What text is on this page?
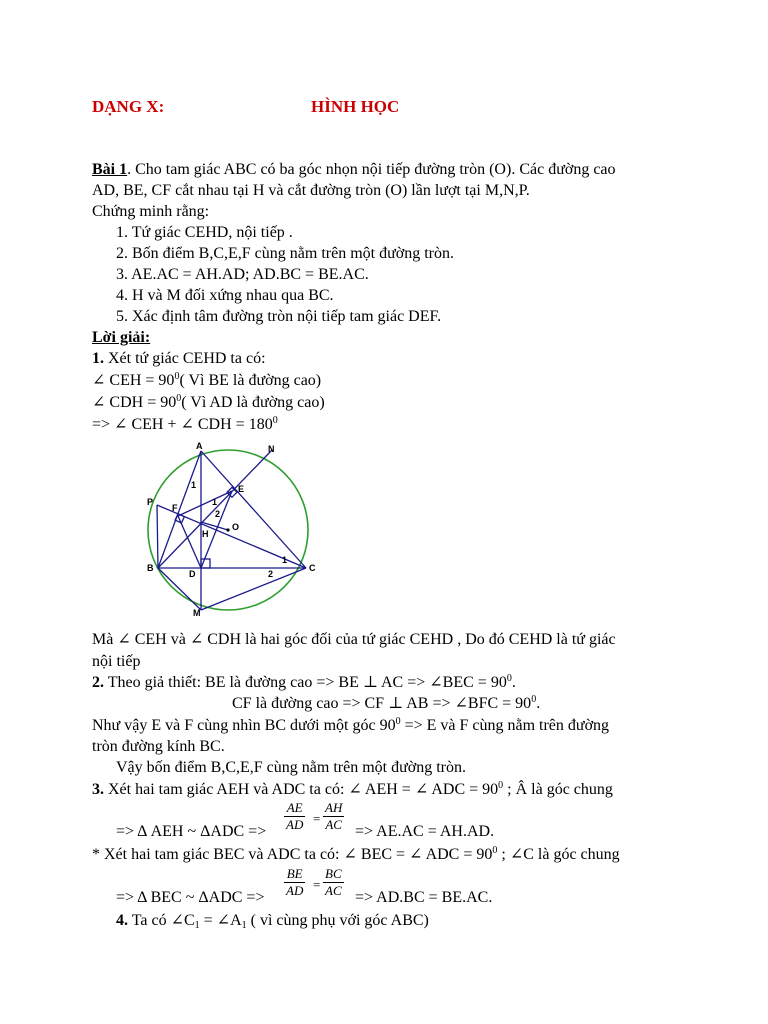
DẠNG X:	HÌNH HỌC
Bài 1. Cho tam giác ABC có ba góc nhọn nội tiếp đường tròn (O). Các đường cao
AD, BE, CF cắt nhau tại H và cắt đường tròn (O) lần lượt tại M,N,P.
Chứng minh rằng:
1. Tứ giác CEHD, nội tiếp .
2. Bốn điểm B,C,E,F cùng nằm trên một đường tròn.
3. AE.AC = AH.AD; AD.BC = BE.AC.
4. H và M đối xứng nhau qua BC.
5. Xác định tâm đường tròn nội tiếp tam giác DEF.
Lời giải:
1. Xét tứ giác CEHD ta có:
∠ CEH = $90^0$( Vì BE là đường cao)
∠ CDH = $90^0$( Vì AD là đường cao)
=> ∠ CEH + ∠ CDH = $180^0$
A	N
E
P
F
O
H
B
D
C
M
1
1
2
1
2
Mà ∠ CEH và ∠ CDH là hai góc đối của tứ giác CEHD , Do đó CEHD là tứ giác
nội tiếp
2. Theo giả thiết: BE là đường cao => BE ⊥ AC => ∠BEC = $90^0$.
CF là đường cao => CF ⊥ AB => ∠BFC = $90^0$.
Như vậy E và F cùng nhìn BC dưới một góc $90^0 => E$ và F cùng nằm trên đường
tròn đường kính BC.
Vậy bốn điểm B,C,E,F cùng nằm trên một đường tròn.
3. Xét hai tam giác AEH và ADC ta có: ∠ AEH = ∠ ADC = $90^0$ ; Â là góc chung
=> Δ AEH ~ $\Delta ADC => \frac{AE}{AD} = \frac{AH}{AC} => AE.AC = AH.AD$.
* Xét hai tam giác BEC và ADC ta có: ∠ BEC = ∠ ADC = $90^0$ ; ∠C là góc chung
=> Δ BEC ~ $\Delta ADC => \frac{BE}{AD} = \frac{BC}{AC} => AD.BC = BE.AC$.
4. Ta có $\angle C_1$ = $\angle A_1$ ( vì cùng phụ với góc ABC)
